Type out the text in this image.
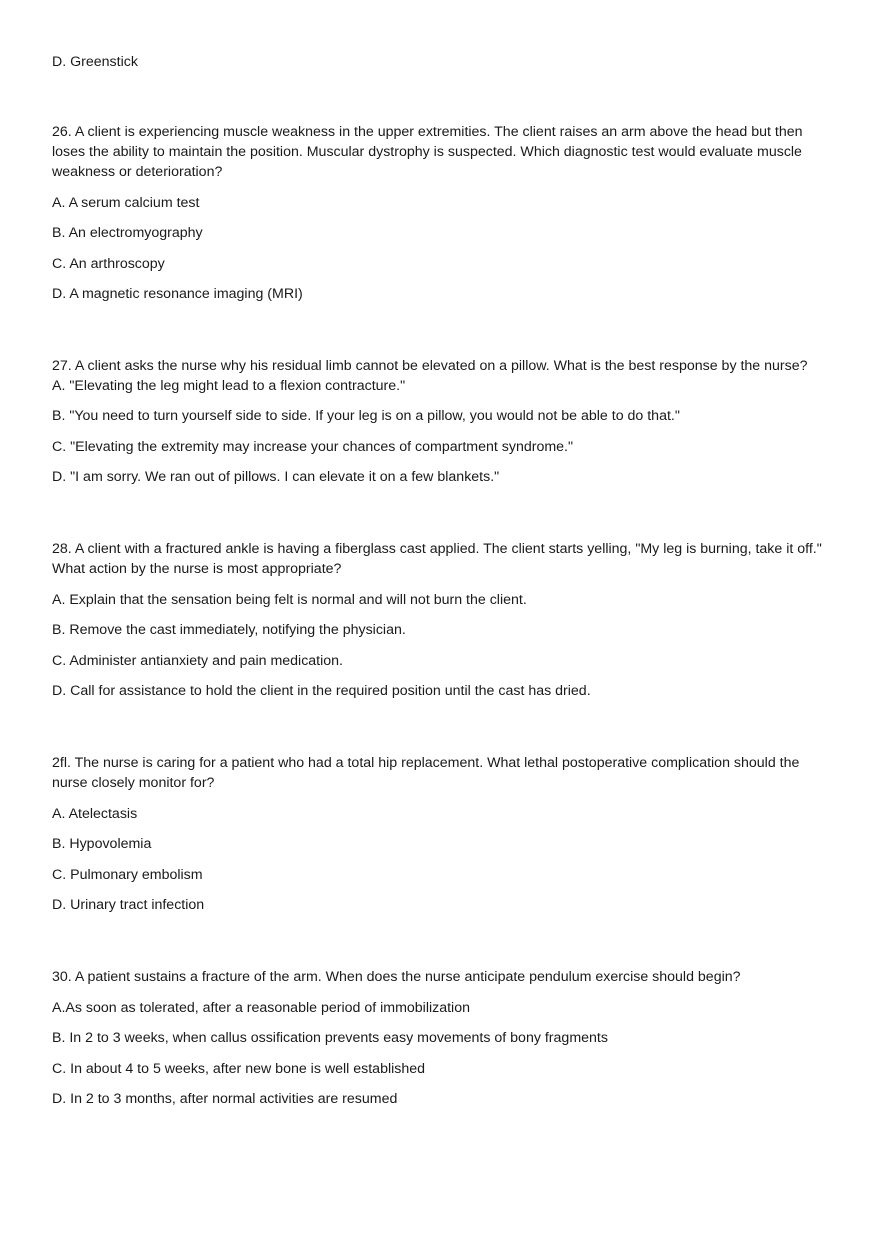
D. Greenstick

26. A client is experiencing muscle weakness in the upper extremities. The client raises an arm above the head but then loses the ability to maintain the position. Muscular dystrophy is suspected. Which diagnostic test would evaluate muscle weakness or deterioration?

A. A serum calcium test

B. An electromyography

C. An arthroscopy

D. A magnetic resonance imaging (MRI)

27. A client asks the nurse why his residual limb cannot be elevated on a pillow. What is the best response by the nurse?

A. "Elevating the leg might lead to a flexion contracture."

B. "You need to turn yourself side to side. If your leg is on a pillow, you would not be able to do that."

C. "Elevating the extremity may increase your chances of compartment syndrome."

D. "I am sorry. We ran out of pillows. I can elevate it on a few blankets."

28. A client with a fractured ankle is having a fiberglass cast applied. The client starts yelling, "My leg is burning, take it off." What action by the nurse is most appropriate?

A. Explain that the sensation being felt is normal and will not burn the client.

B. Remove the cast immediately, notifying the physician.

C. Administer antianxiety and pain medication.

D. Call for assistance to hold the client in the required position until the cast has dried.

2fl. The nurse is caring for a patient who had a total hip replacement. What lethal postoperative complication should the nurse closely monitor for?

A. Atelectasis

B. Hypovolemia

C. Pulmonary embolism

D. Urinary tract infection

30. A patient sustains a fracture of the arm. When does the nurse anticipate pendulum exercise should begin?

A.As soon as tolerated, after a reasonable period of immobilization

B. In 2 to 3 weeks, when callus ossification prevents easy movements of bony fragments

C. In about 4 to 5 weeks, after new bone is well established

D. In 2 to 3 months, after normal activities are resumed
